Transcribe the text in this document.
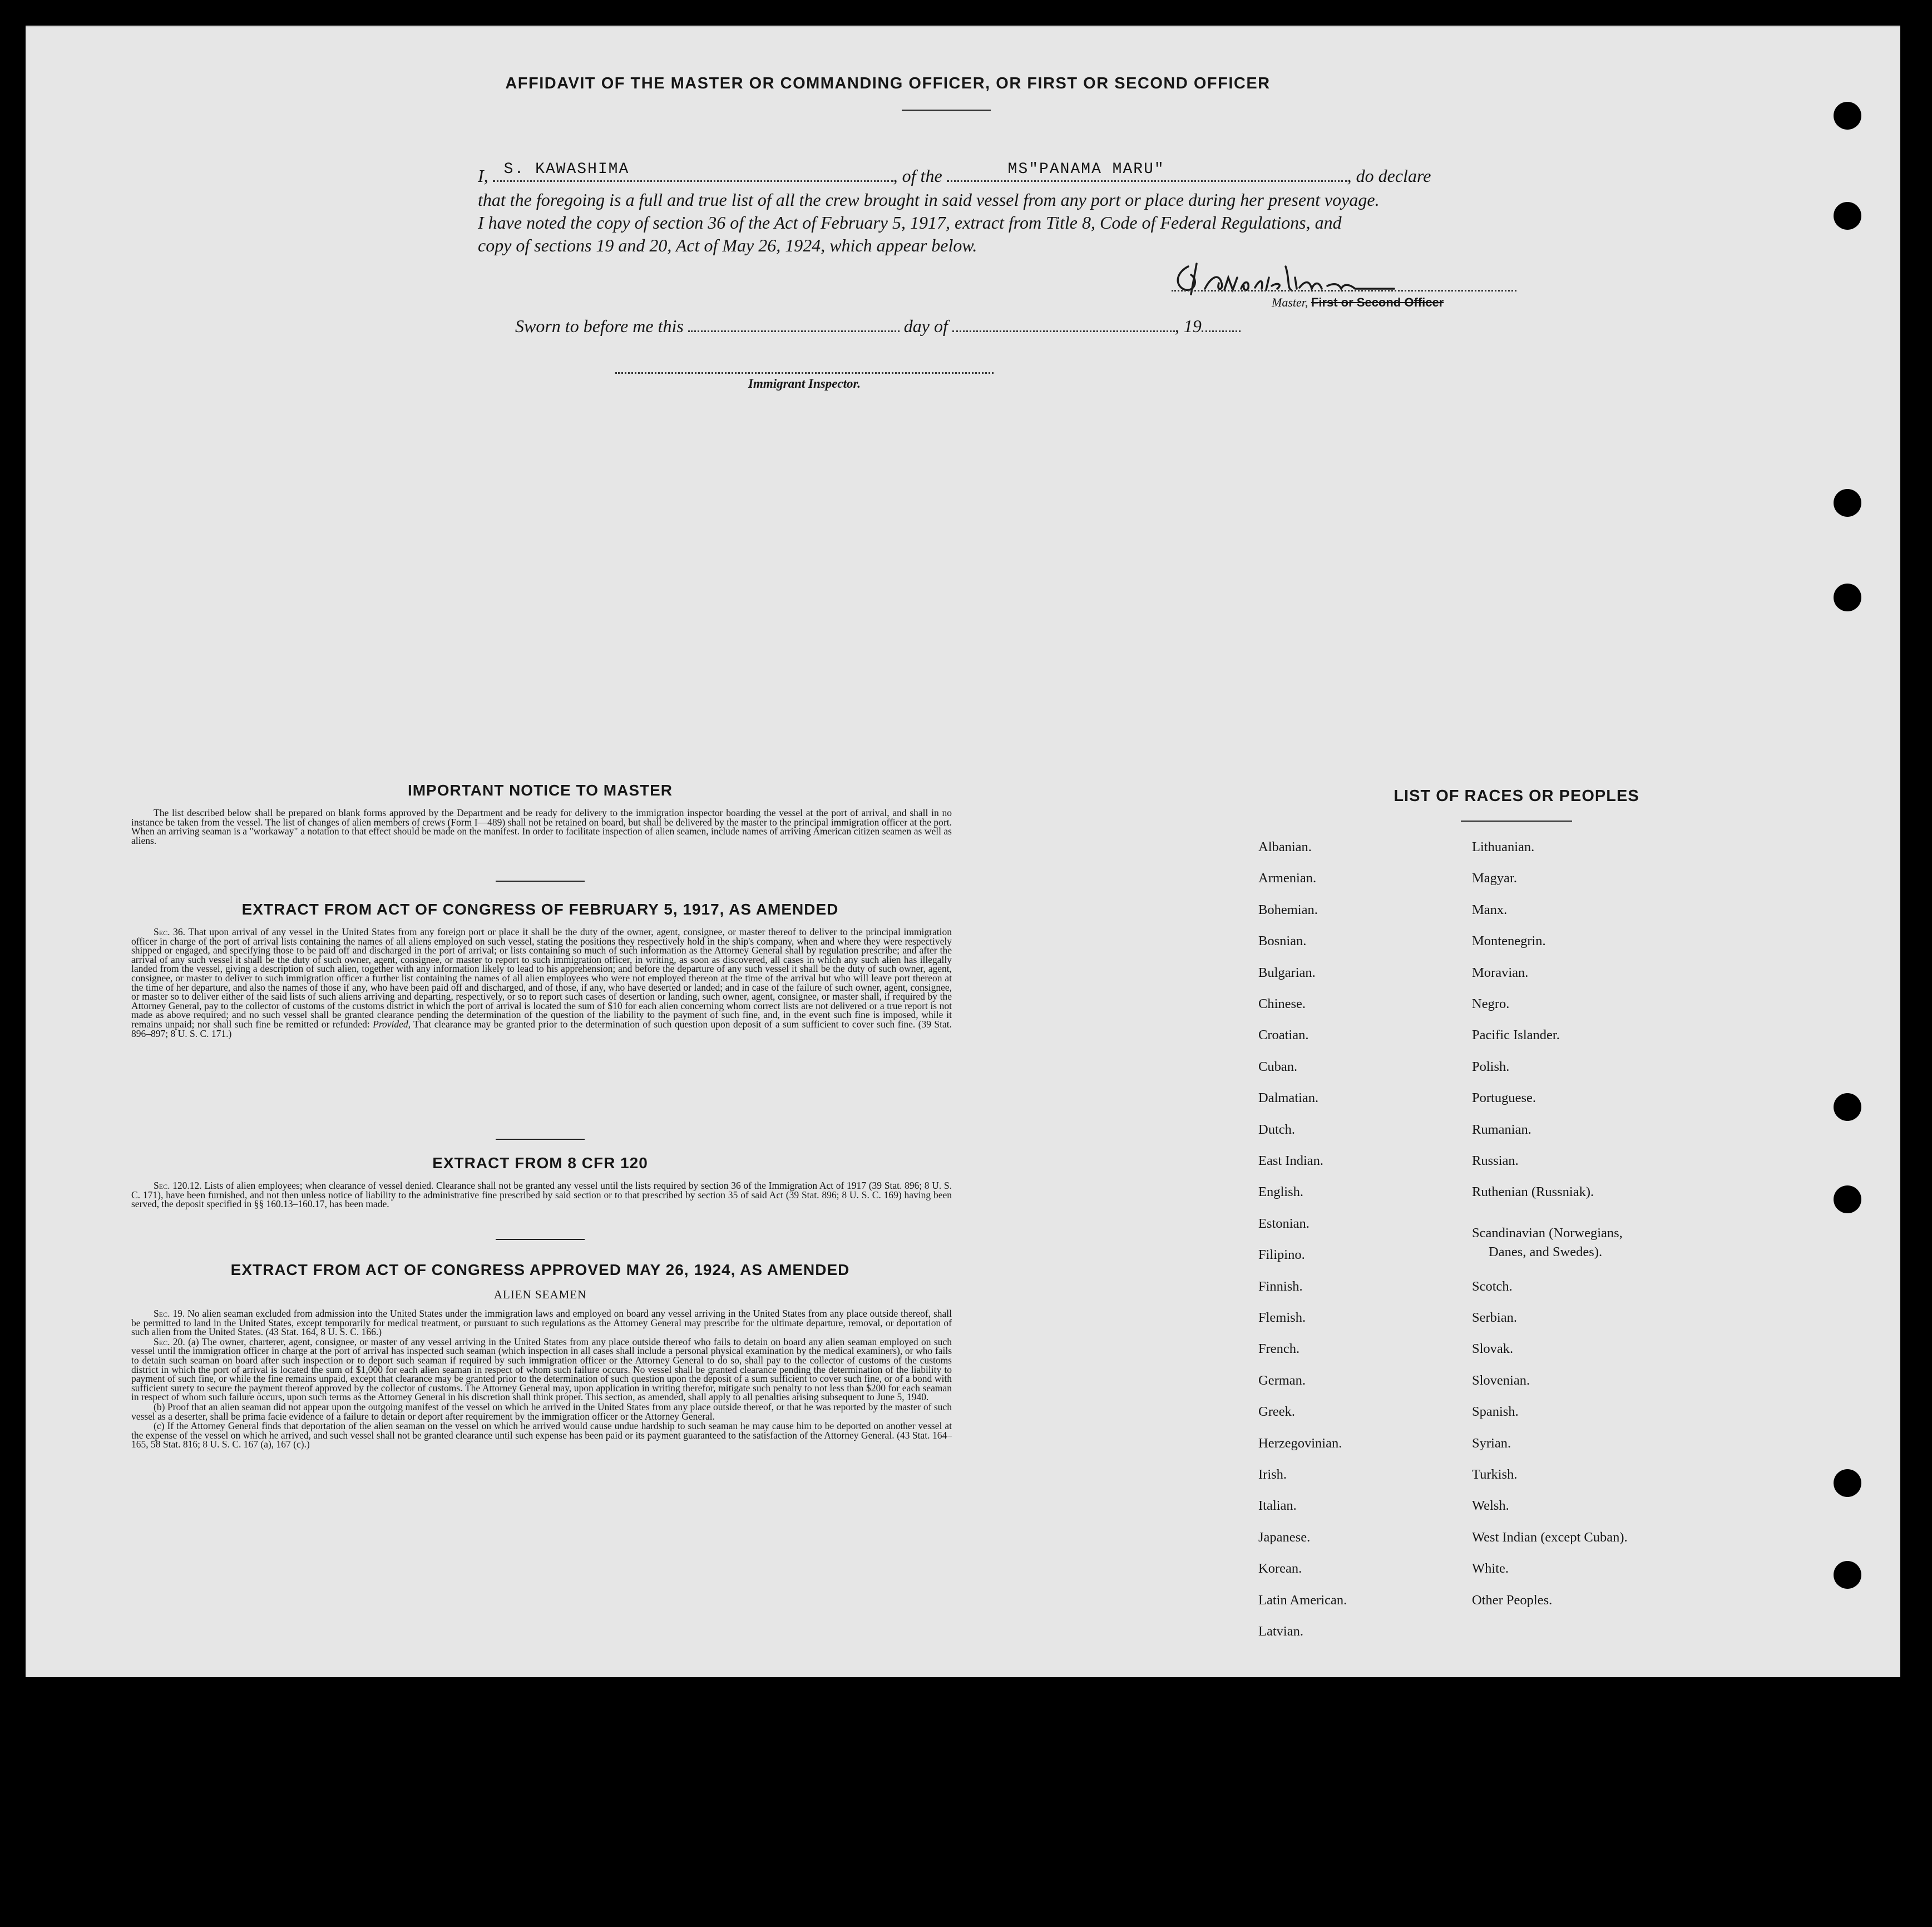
AFFIDAVIT OF THE MASTER OR COMMANDING OFFICER, OR FIRST OR SECOND OFFICER
I, S. KAWASHIMA	, of the	MS"PANAMA MARU"	, do declare
that the foregoing is a full and true list of all the crew brought in said vessel from any port or place during her present voyage.
I have noted the copy of section 36 of the Act of February 5, 1917, extract from Title 8, Code of Federal Regulations, and
copy of sections 19 and 20, Act of May 26, 1924, which appear below.
Master, First or Second Officer
Sworn to before me this	day of	, 19
Immigrant Inspector.
IMPORTANT NOTICE TO MASTER

The list described below shall be prepared on blank forms approved by the Department and be ready for delivery to the immigration inspector boarding the vessel at the port of arrival, and shall in no instance be taken from the vessel. The list of changes of alien members of crews (Form I—489) shall not be retained on board, but shall be delivered by the master to the principal immigration officer at the port. When an arriving seaman is a "workaway" a notation to that effect should be made on the manifest. In order to facilitate inspection of alien seamen, include names of arriving American citizen seamen as well as aliens.

EXTRACT FROM ACT OF CONGRESS OF FEBRUARY 5, 1917, AS AMENDED

Sec. 36. That upon arrival of any vessel in the United States from any foreign port or place it shall be the duty of the owner, agent, consignee, or master thereof to deliver to the principal immigration officer in charge of the port of arrival lists containing the names of all aliens employed on such vessel, stating the positions they respectively hold in the ship's company, when and where they were respectively shipped or engaged, and specifying those to be paid off and discharged in the port of arrival; or lists containing so much of such information as the Attorney General shall by regulation prescribe; and after the arrival of any such vessel it shall be the duty of such owner, agent, consignee, or master to report to such immigration officer, in writing, as soon as discovered, all cases in which any such alien has illegally landed from the vessel, giving a description of such alien, together with any information likely to lead to his apprehension; and before the departure of any such vessel it shall be the duty of such owner, agent, consignee, or master to deliver to such immigration officer a further list containing the names of all alien employees who were not employed thereon at the time of the arrival but who will leave port thereon at the time of her departure, and also the names of those if any, who have been paid off and discharged, and of those, if any, who have deserted or landed; and in case of the failure of such owner, agent, consignee, or master so to deliver either of the said lists of such aliens arriving and departing, respectively, or so to report such cases of desertion or landing, such owner, agent, consignee, or master shall, if required by the Attorney General, pay to the collector of customs of the customs district in which the port of arrival is located the sum of $10 for each alien concerning whom correct lists are not delivered or a true report is not made as above required; and no such vessel shall be granted clearance pending the determination of the question of the liability to the payment of such fine, and, in the event such fine is imposed, while it remains unpaid; nor shall such fine be remitted or refunded: Provided, That clearance may be granted prior to the determination of such question upon deposit of a sum sufficient to cover such fine. (39 Stat. 896–897; 8 U. S. C. 171.)

EXTRACT FROM 8 CFR 120

Sec. 120.12. Lists of alien employees; when clearance of vessel denied. Clearance shall not be granted any vessel until the lists required by section 36 of the Immigration Act of 1917 (39 Stat. 896; 8 U. S. C. 171), have been furnished, and not then unless notice of liability to the administrative fine prescribed by said section or to that prescribed by section 35 of said Act (39 Stat. 896; 8 U. S. C. 169) having been served, the deposit specified in §§ 160.13–160.17, has been made.

EXTRACT FROM ACT OF CONGRESS APPROVED MAY 26, 1924, AS AMENDED
ALIEN SEAMEN

Sec. 19. No alien seaman excluded from admission into the United States under the immigration laws and employed on board any vessel arriving in the United States from any place outside thereof, shall be permitted to land in the United States, except temporarily for medical treatment, or pursuant to such regulations as the Attorney General may prescribe for the ultimate departure, removal, or deportation of such alien from the United States. (43 Stat. 164, 8 U. S. C. 166.)

Sec. 20. (a) The owner, charterer, agent, consignee, or master of any vessel arriving in the United States from any place outside thereof who fails to detain on board any alien seaman employed on such vessel until the immigration officer in charge at the port of arrival has inspected such seaman (which inspection in all cases shall include a personal physical examination by the medical examiners), or who fails to detain such seaman on board after such inspection or to deport such seaman if required by such immigration officer or the Attorney General to do so, shall pay to the collector of customs of the customs district in which the port of arrival is located the sum of $1,000 for each alien seaman in respect of whom such failure occurs. No vessel shall be granted clearance pending the determination of the liability to payment of such fine, or while the fine remains unpaid, except that clearance may be granted prior to the determination of such question upon the deposit of a sum sufficient to cover such fine, or of a bond with sufficient surety to secure the payment thereof approved by the collector of customs. The Attorney General may, upon application in writing therefor, mitigate such penalty to not less than $200 for each seaman in respect of whom such failure occurs, upon such terms as the Attorney General in his discretion shall think proper. This section, as amended, shall apply to all penalties arising subsequent to June 5, 1940.

(b) Proof that an alien seaman did not appear upon the outgoing manifest of the vessel on which he arrived in the United States from any place outside thereof, or that he was reported by the master of such vessel as a deserter, shall be prima facie evidence of a failure to detain or deport after requirement by the immigration officer or the Attorney General.

(c) If the Attorney General finds that deportation of the alien seaman on the vessel on which he arrived would cause undue hardship to such seaman he may cause him to be deported on another vessel at the expense of the vessel on which he arrived, and such vessel shall not be granted clearance until such expense has been paid or its payment guaranteed to the satisfaction of the Attorney General. (43 Stat. 164–165, 58 Stat. 816; 8 U. S. C. 167 (a), 167 (c).)

LIST OF RACES OR PEOPLES
Albanian.
Armenian.
Bohemian.
Bosnian.
Bulgarian.
Chinese.
Croatian.
Cuban.
Dalmatian.
Dutch.
East Indian.
English.
Estonian.
Filipino.
Finnish.
Flemish.
French.
German.
Greek.
Herzegovinian.
Irish.
Italian.
Japanese.
Korean.
Latin American.
Latvian.
Lithuanian.
Magyar.
Manx.
Montenegrin.
Moravian.
Negro.
Pacific Islander.
Polish.
Portuguese.
Rumanian.
Russian.
Ruthenian (Russniak).
Scandinavian (Norwegians,
Danes, and Swedes).
Scotch.
Serbian.
Slovak.
Slovenian.
Spanish.
Syrian.
Turkish.
Welsh.
West Indian (except Cuban).
White.
Other Peoples.
